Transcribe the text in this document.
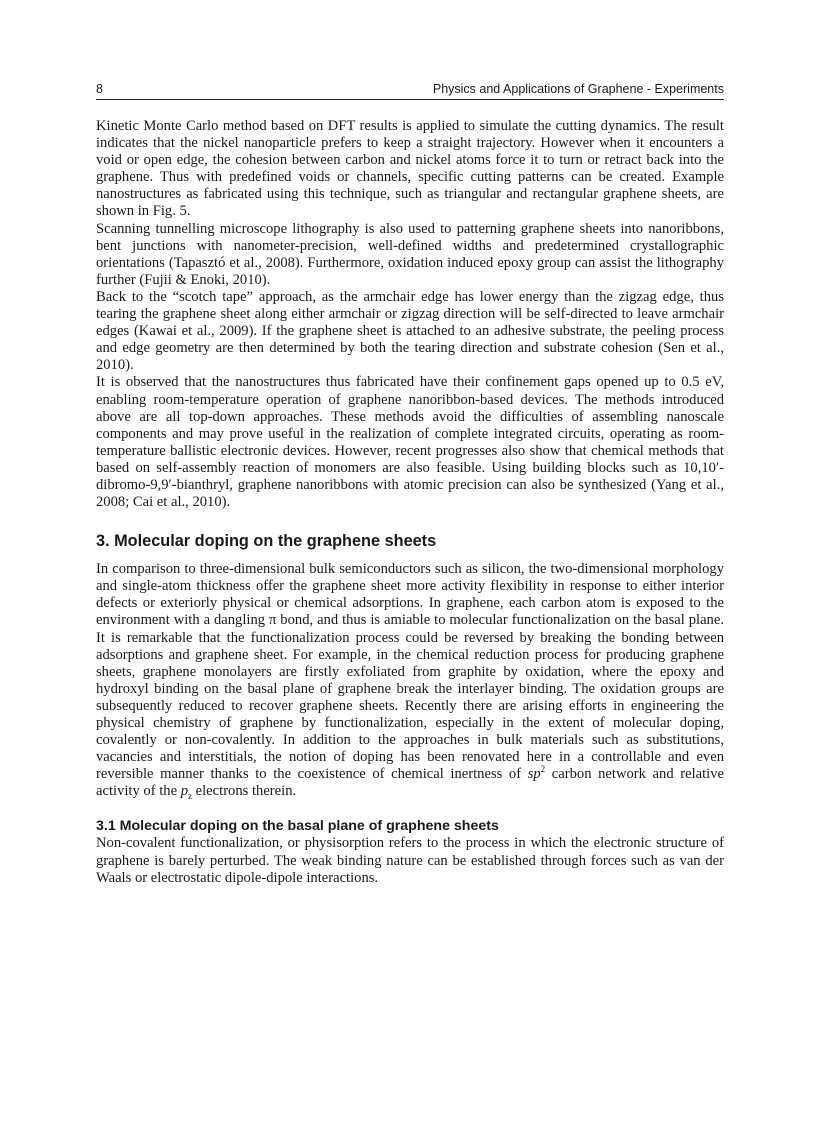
8	Physics and Applications of Graphene - Experiments

Kinetic Monte Carlo method based on DFT results is applied to simulate the cutting dynamics. The result indicates that the nickel nanoparticle prefers to keep a straight trajectory. However when it encounters a void or open edge, the cohesion between carbon and nickel atoms force it to turn or retract back into the graphene. Thus with predefined voids or channels, specific cutting patterns can be created. Example nanostructures as fabricated using this technique, such as triangular and rectangular graphene sheets, are shown in Fig. 5.

Scanning tunnelling microscope lithography is also used to patterning graphene sheets into nanoribbons, bent junctions with nanometer-precision, well-defined widths and predetermined crystallographic orientations (Tapasztó et al., 2008). Furthermore, oxidation induced epoxy group can assist the lithography further (Fujii & Enoki, 2010).

Back to the “scotch tape” approach, as the armchair edge has lower energy than the zigzag edge, thus tearing the graphene sheet along either armchair or zigzag direction will be self-directed to leave armchair edges (Kawai et al., 2009). If the graphene sheet is attached to an adhesive substrate, the peeling process and edge geometry are then determined by both the tearing direction and substrate cohesion (Sen et al., 2010).

It is observed that the nanostructures thus fabricated have their confinement gaps opened up to 0.5 eV, enabling room-temperature operation of graphene nanoribbon-based devices. The methods introduced above are all top-down approaches. These methods avoid the difficulties of assembling nanoscale components and may prove useful in the realization of complete integrated circuits, operating as room-temperature ballistic electronic devices. However, recent progresses also show that chemical methods that based on self-assembly reaction of monomers are also feasible. Using building blocks such as 10,10′-dibromo-9,9′-bianthryl, graphene nanoribbons with atomic precision can also be synthesized (Yang et al., 2008; Cai et al., 2010).

3. Molecular doping on the graphene sheets

In comparison to three-dimensional bulk semiconductors such as silicon, the two-dimensional morphology and single-atom thickness offer the graphene sheet more activity flexibility in response to either interior defects or exteriorly physical or chemical adsorptions. In graphene, each carbon atom is exposed to the environment with a dangling π bond, and thus is amiable to molecular functionalization on the basal plane. It is remarkable that the functionalization process could be reversed by breaking the bonding between adsorptions and graphene sheet. For example, in the chemical reduction process for producing graphene sheets, graphene monolayers are firstly exfoliated from graphite by oxidation, where the epoxy and hydroxyl binding on the basal plane of graphene break the interlayer binding. The oxidation groups are subsequently reduced to recover graphene sheets. Recently there are arising efforts in engineering the physical chemistry of graphene by functionalization, especially in the extent of molecular doping, covalently or non-covalently. In addition to the approaches in bulk materials such as substitutions, vacancies and interstitials, the notion of doping has been renovated here in a controllable and even reversible manner thanks to the coexistence of chemical inertness of $sp^2$ carbon network and relative activity of the $p_z$ electrons therein.

3.1 Molecular doping on the basal plane of graphene sheets

Non-covalent functionalization, or physisorption refers to the process in which the electronic structure of graphene is barely perturbed. The weak binding nature can be established through forces such as van der Waals or electrostatic dipole-dipole interactions.
